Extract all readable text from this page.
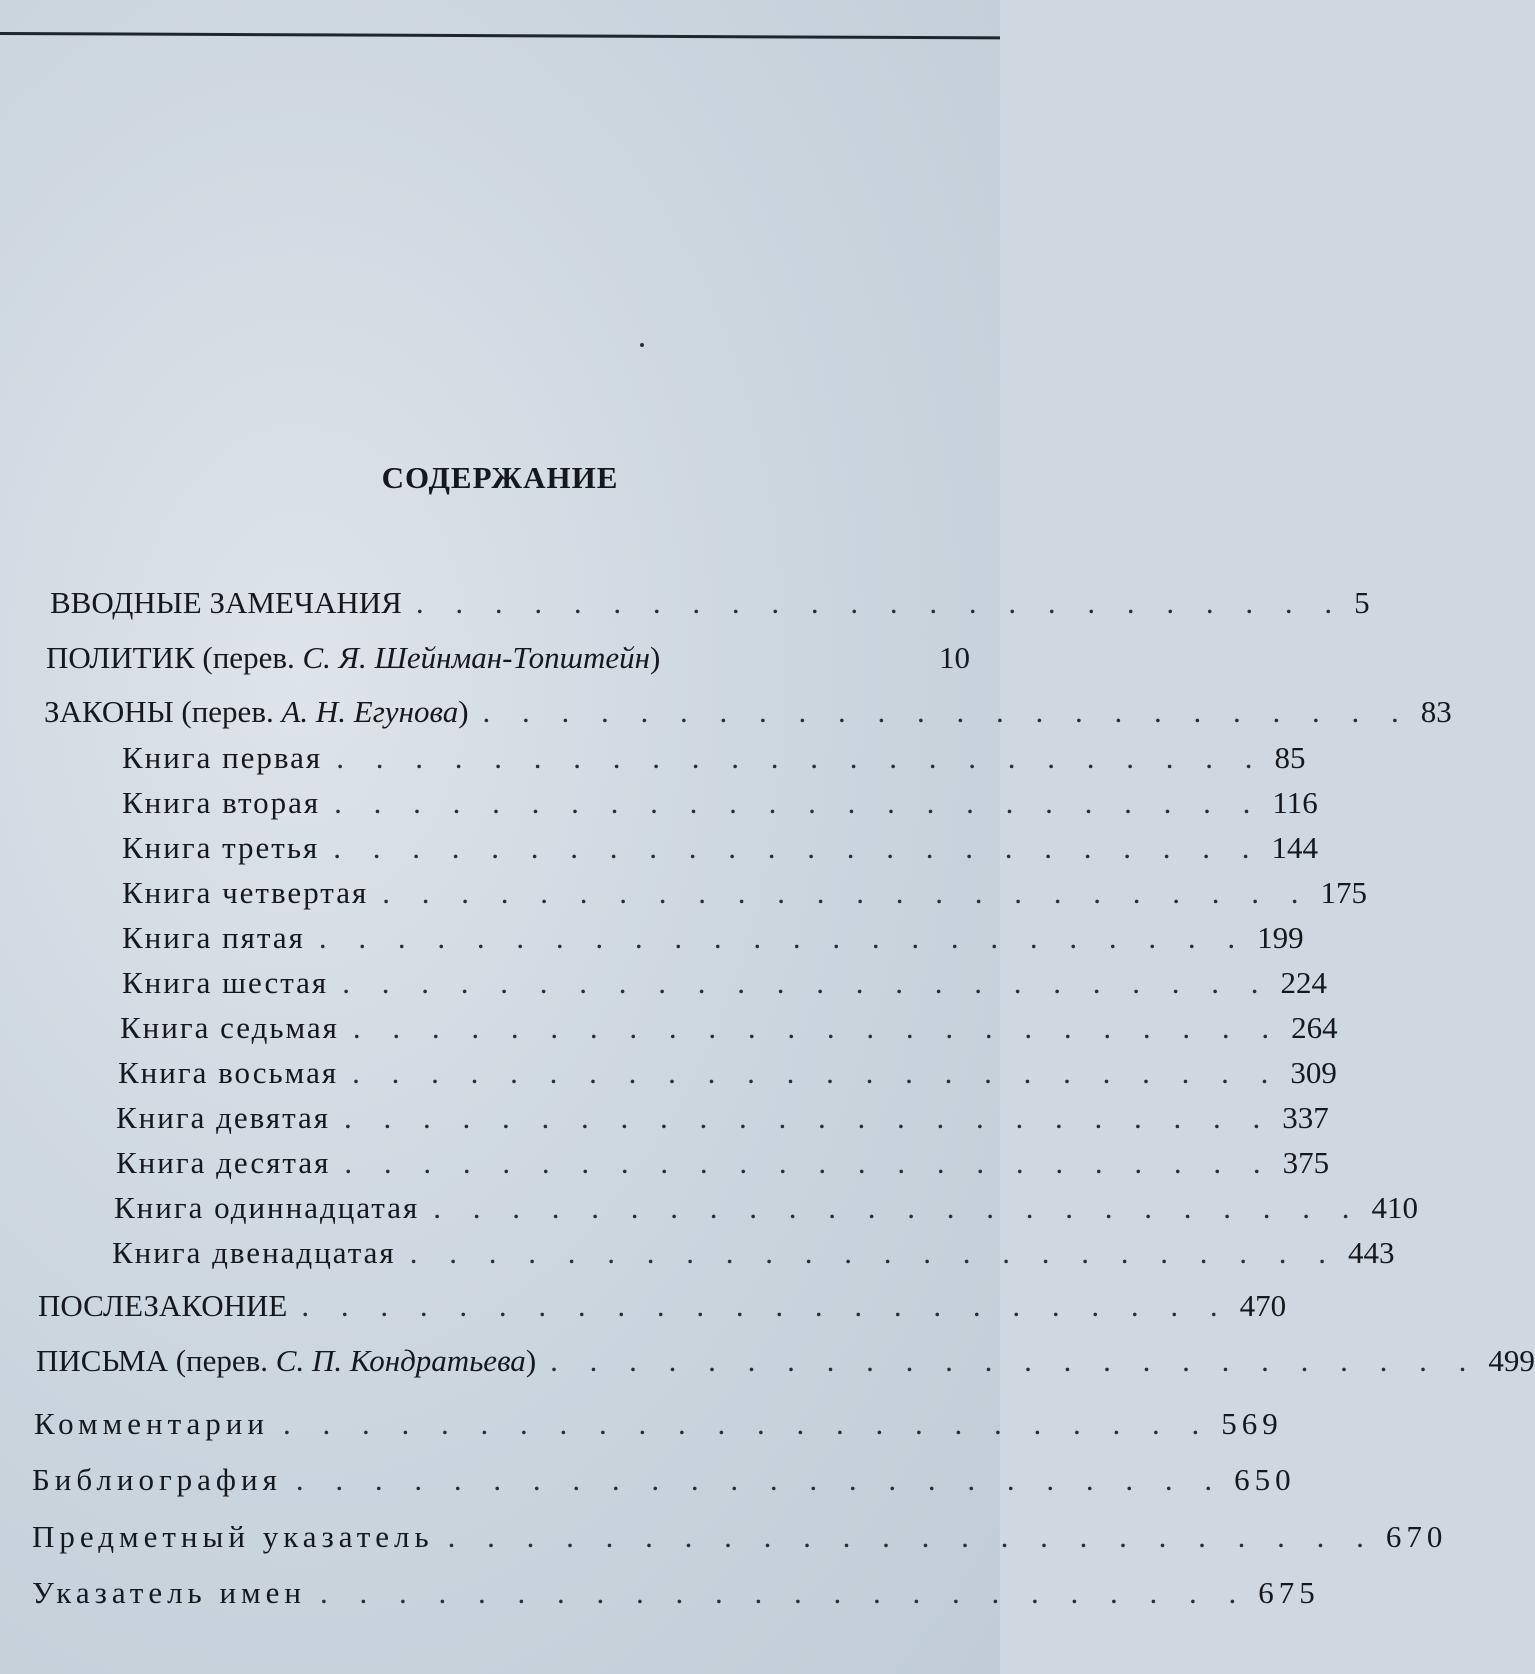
СОДЕРЖАНИЕ
ВВОДНЫЕ ЗАМЕЧАНИЯ . . . . . . . . . . . . . . . . . . . . . . . . 5
ПОЛИТИК (перев. С. Я. Шейнман-Топштейн)	10
ЗАКОНЫ (перев. А. Н. Егунова) . . . . . . . . . . . . . . . . . . . . . . . . 83
Книга первая . . . . . . . . . . . . . . . . . . . . . . . . 85
Книга вторая . . . . . . . . . . . . . . . . . . . . . . . . 116
Книга третья . . . . . . . . . . . . . . . . . . . . . . . . 144
Книга четвертая . . . . . . . . . . . . . . . . . . . . . . . . 175
Книга пятая . . . . . . . . . . . . . . . . . . . . . . . . 199
Книга шестая . . . . . . . . . . . . . . . . . . . . . . . . 224
Книга седьмая . . . . . . . . . . . . . . . . . . . . . . . . 264
Книга восьмая . . . . . . . . . . . . . . . . . . . . . . . . 309
Книга девятая . . . . . . . . . . . . . . . . . . . . . . . . 337
Книга десятая . . . . . . . . . . . . . . . . . . . . . . . . 375
Книга одиннадцатая . . . . . . . . . . . . . . . . . . . . . . . . 410
Книга двенадцатая . . . . . . . . . . . . . . . . . . . . . . . . 443
ПОСЛЕЗАКОНИЕ . . . . . . . . . . . . . . . . . . . . . . . . 470
ПИСЬМА (перев. С. П. Кондратьева) . . . . . . . . . . . . . . . . . . . . . . . . 499
Комментарии . . . . . . . . . . . . . . . . . . . . . . . . 569
Библиография . . . . . . . . . . . . . . . . . . . . . . . . 650
Предметный указатель . . . . . . . . . . . . . . . . . . . . . . . . 670
Указатель имен . . . . . . . . . . . . . . . . . . . . . . . . 675
